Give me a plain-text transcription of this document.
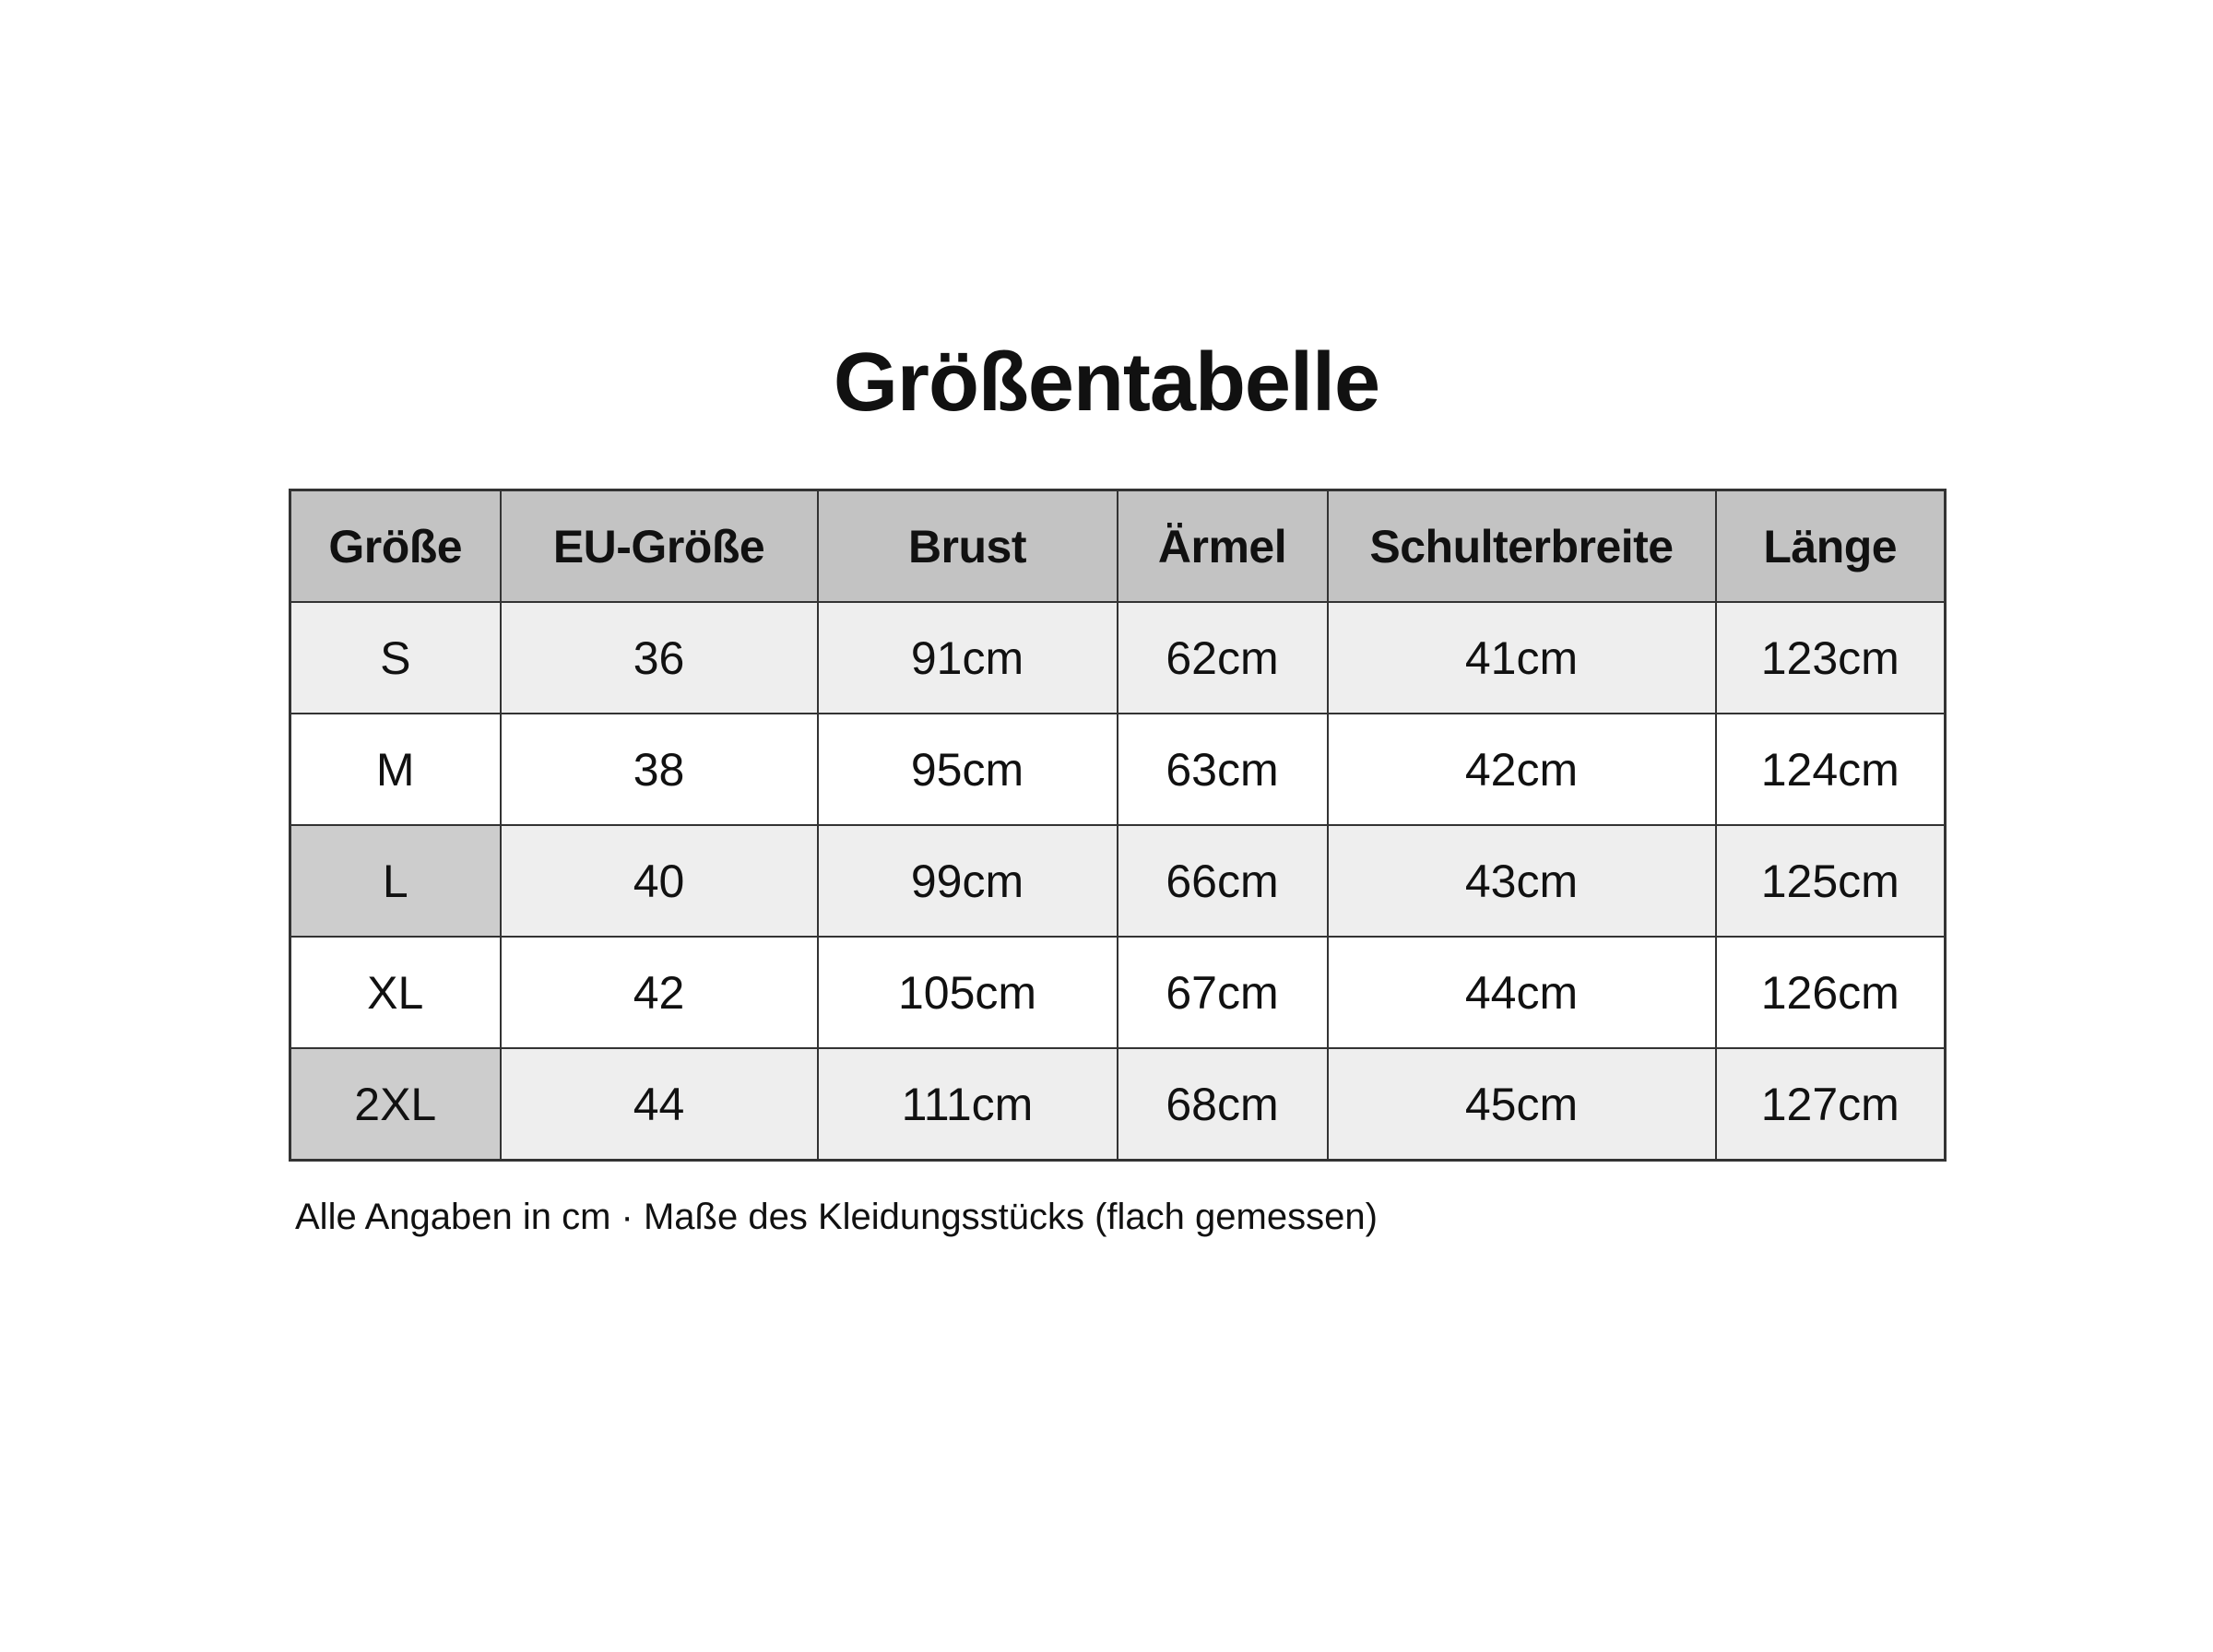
Größentabelle
Größe	EU-Größe	Brust	Ärmel	Schulterbreite	Länge
S	36	91cm	62cm	41cm	123cm
M	38	95cm	63cm	42cm	124cm
L	40	99cm	66cm	43cm	125cm
XL	42	105cm	67cm	44cm	126cm
2XL	44	111cm	68cm	45cm	127cm
Alle Angaben in cm · Maße des Kleidungsstücks (flach gemessen)
